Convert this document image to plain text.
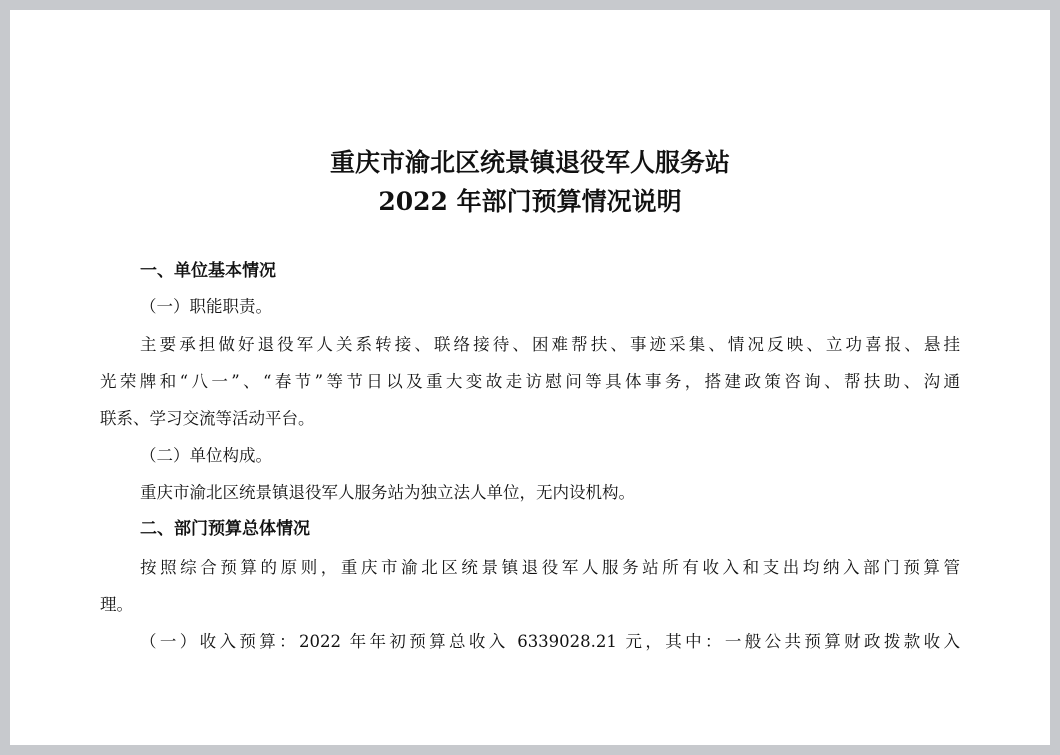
重庆市渝北区统景镇退役军人服务站
2022 年部门预算情况说明
一、单位基本情况
（一）职能职责。
主要承担做好退役军人关系转接、联络接待、困难帮扶、事迹采集、情况反映、立功喜报、悬挂
光荣牌和“八一”、“春节”等节日以及重大变故走访慰问等具体事务，搭建政策咨询、帮扶助、沟通
联系、学习交流等活动平台。
（二）单位构成。
重庆市渝北区统景镇退役军人服务站为独立法人单位，无内设机构。
二、部门预算总体情况
按照综合预算的原则，重庆市渝北区统景镇退役军人服务站所有收入和支出均纳入部门预算管
理。
（一）收入预算：2022 年年初预算总收入 6339028.21 元，其中：一般公共预算财政拨款收入
